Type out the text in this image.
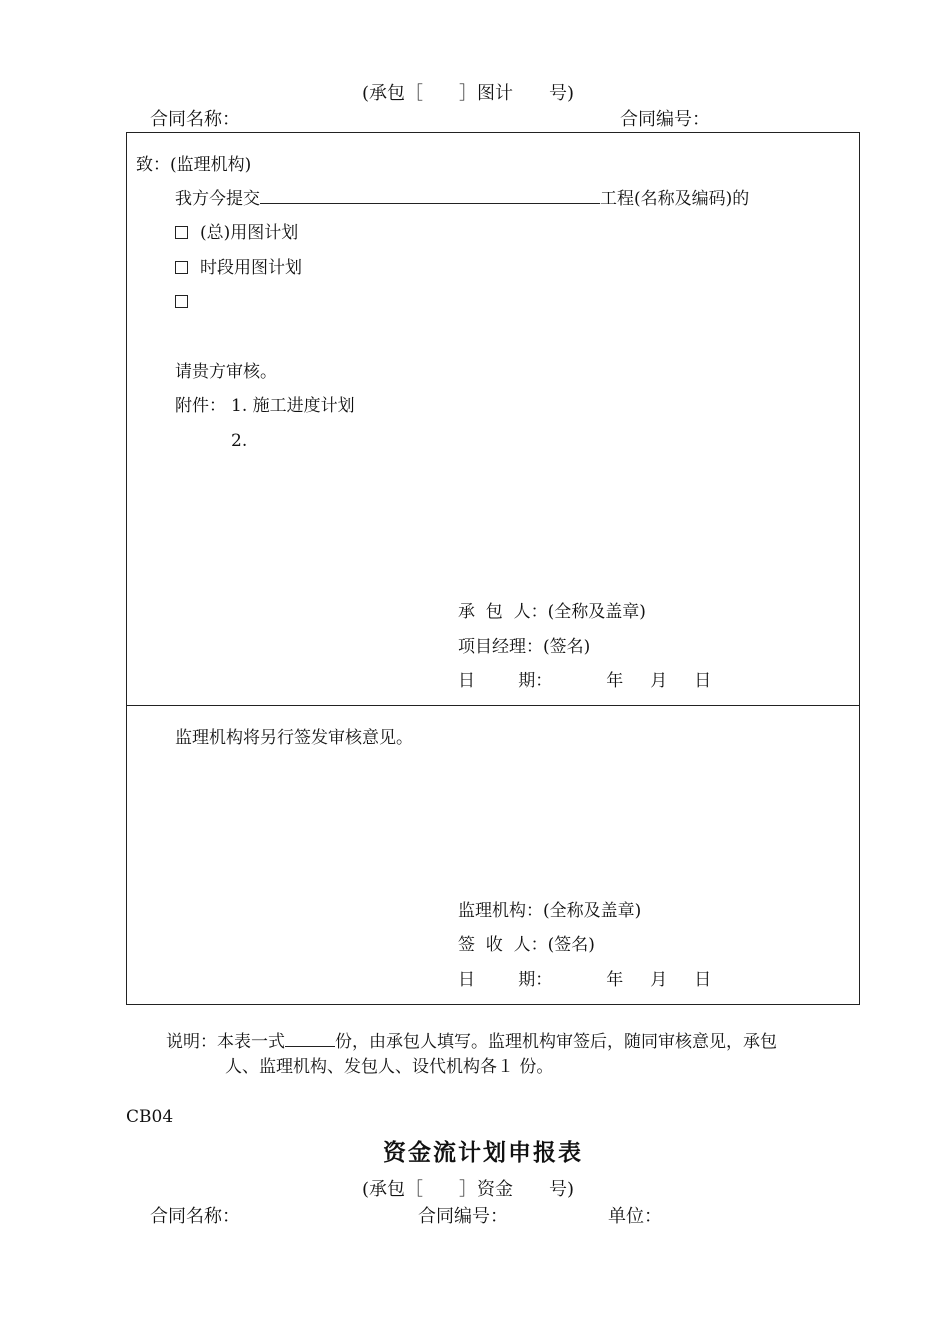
(承包［　　］图计　　号)
合同名称：	合同编号：
致：(监理机构)
我方今提交	工程(名称及编码)的
(总)用图计划
时段用图计划
请贵方审核。
附件： 1. 施工进度计划
2.
承  包  人：(全称及盖章)
项目经理：(签名)
日        期：          年     月     日
监理机构将另行签发审核意见。
监理机构：(全称及盖章)
签  收  人：(签名)
日        期：          年     月     日
说明：本表一式	份，由承包人填写。监理机构审签后，随同审核意见，承包
人、监理机构、发包人、设代机构各１ 份。
CB04
资金流计划申报表
(承包［　　］资金　　号)
合同名称：	合同编号：	单位：
